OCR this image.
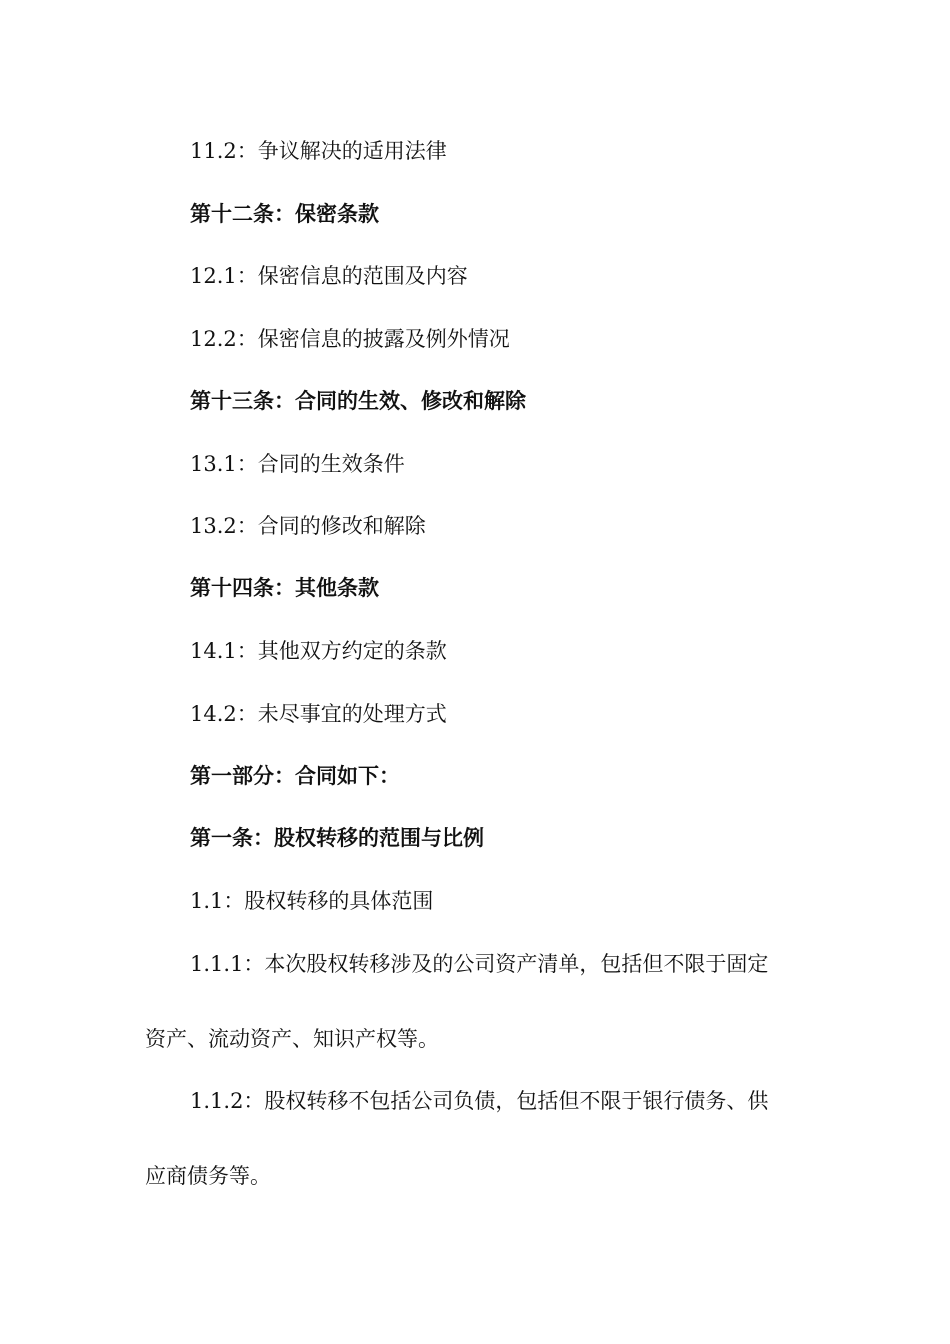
11.2：争议解决的适用法律
第十二条：保密条款
12.1：保密信息的范围及内容
12.2：保密信息的披露及例外情况
第十三条：合同的生效、修改和解除
13.1：合同的生效条件
13.2：合同的修改和解除
第十四条：其他条款
14.1：其他双方约定的条款
14.2：未尽事宜的处理方式
第一部分：合同如下：
第一条：股权转移的范围与比例
1.1：股权转移的具体范围
1.1.1：本次股权转移涉及的公司资产清单，包括但不限于固定
资产、流动资产、知识产权等。
1.1.2：股权转移不包括公司负债，包括但不限于银行债务、供
应商债务等。
